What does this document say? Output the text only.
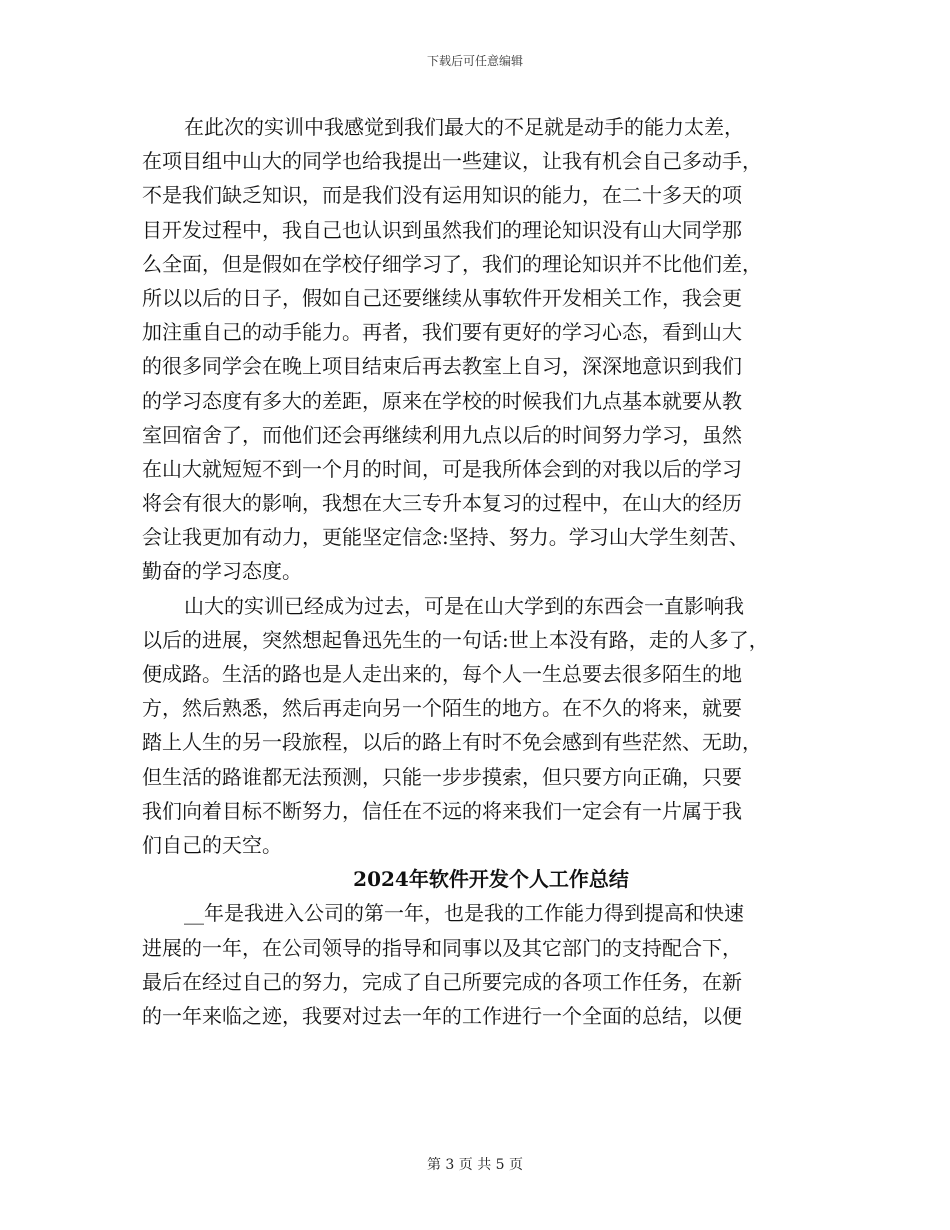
下载后可任意编辑
在此次的实训中我感觉到我们最大的不足就是动手的能力太差，
在项目组中山大的同学也给我提出一些建议，让我有机会自己多动手，
不是我们缺乏知识，而是我们没有运用知识的能力，在二十多天的项
目开发过程中，我自己也认识到虽然我们的理论知识没有山大同学那
么全面，但是假如在学校仔细学习了，我们的理论知识并不比他们差，
所以以后的日子，假如自己还要继续从事软件开发相关工作，我会更
加注重自己的动手能力。再者，我们要有更好的学习心态，看到山大
的很多同学会在晚上项目结束后再去教室上自习，深深地意识到我们
的学习态度有多大的差距，原来在学校的时候我们九点基本就要从教
室回宿舍了，而他们还会再继续利用九点以后的时间努力学习，虽然
在山大就短短不到一个月的时间，可是我所体会到的对我以后的学习
将会有很大的影响，我想在大三专升本复习的过程中，在山大的经历
会让我更加有动力，更能坚定信念:坚持、努力。学习山大学生刻苦、
勤奋的学习态度。
山大的实训已经成为过去，可是在山大学到的东西会一直影响我
以后的进展，突然想起鲁迅先生的一句话:世上本没有路，走的人多了，
便成路。生活的路也是人走出来的，每个人一生总要去很多陌生的地
方，然后熟悉，然后再走向另一个陌生的地方。在不久的将来，就要
踏上人生的另一段旅程，以后的路上有时不免会感到有些茫然、无助，
但生活的路谁都无法预测，只能一步步摸索，但只要方向正确，只要
我们向着目标不断努力，信任在不远的将来我们一定会有一片属于我
们自己的天空。
2024年软件开发个人工作总结
__年是我进入公司的第一年，也是我的工作能力得到提高和快速
进展的一年，在公司领导的指导和同事以及其它部门的支持配合下，
最后在经过自己的努力，完成了自己所要完成的各项工作任务，在新
的一年来临之迹，我要对过去一年的工作进行一个全面的总结，以便
第 3 页 共 5 页
